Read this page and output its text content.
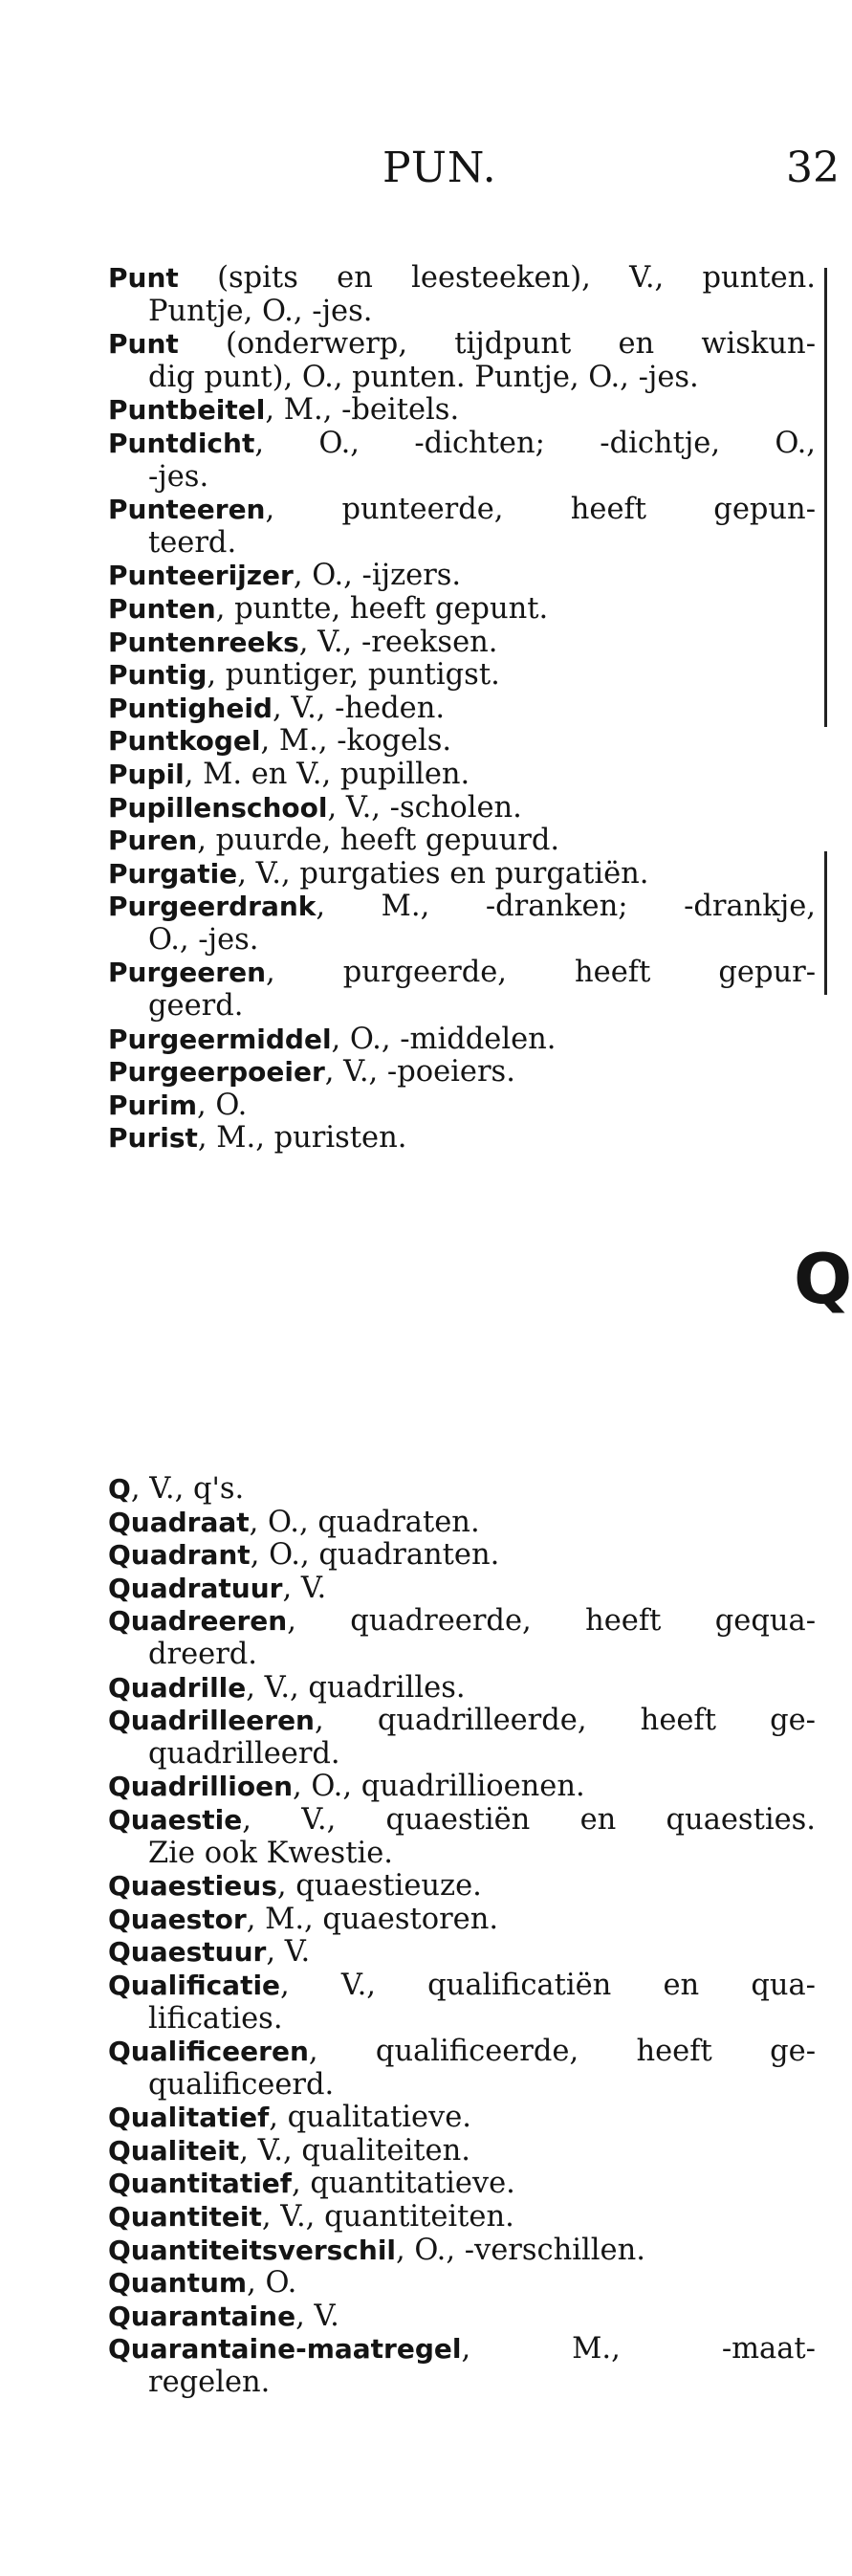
PUN.	32
Punt (spits en leesteeken), V., punten.
Puntje, O., -jes.
Punt (onderwerp, tijdpunt en wiskun-
dig punt), O., punten. Puntje, O., -jes.
Puntbeitel, M., -beitels.
Puntdicht, O., -dichten; -dichtje, O.,
-jes.
Punteeren, punteerde, heeft gepun-
teerd.
Punteerijzer, O., -ijzers.
Punten, puntte, heeft gepunt.
Puntenreeks, V., -reeksen.
Puntig, puntiger, puntigst.
Puntigheid, V., -heden.
Puntkogel, M., -kogels.
Pupil, M. en V., pupillen.
Pupillenschool, V., -scholen.
Puren, puurde, heeft gepuurd.
Purgatie, V., purgaties en purgatiën.
Purgeerdrank, M., -dranken; -drankje,
O., -jes.
Purgeeren, purgeerde, heeft gepur-
geerd.
Purgeermiddel, O., -middelen.
Purgeerpoeier, V., -poeiers.
Purim, O.
Purist, M., puristen.
Q
Q, V., q's.
Quadraat, O., quadraten.
Quadrant, O., quadranten.
Quadratuur, V.
Quadreeren, quadreerde, heeft gequa-
dreerd.
Quadrille, V., quadrilles.
Quadrilleeren, quadrilleerde, heeft ge-
quadrilleerd.
Quadrillioen, O., quadrillioenen.
Quaestie, V., quaestiën en quaesties.
Zie ook Kwestie.
Quaestieus, quaestieuze.
Quaestor, M., quaestoren.
Quaestuur, V.
Qualificatie, V., qualificatiën en qua-
lificaties.
Qualificeeren, qualificeerde, heeft ge-
qualificeerd.
Qualitatief, qualitatieve.
Qualiteit, V., qualiteiten.
Quantitatief, quantitatieve.
Quantiteit, V., quantiteiten.
Quantiteitsverschil, O., -verschillen.
Quantum, O.
Quarantaine, V.
Quarantaine-maatregel, M., -maat-
regelen.
